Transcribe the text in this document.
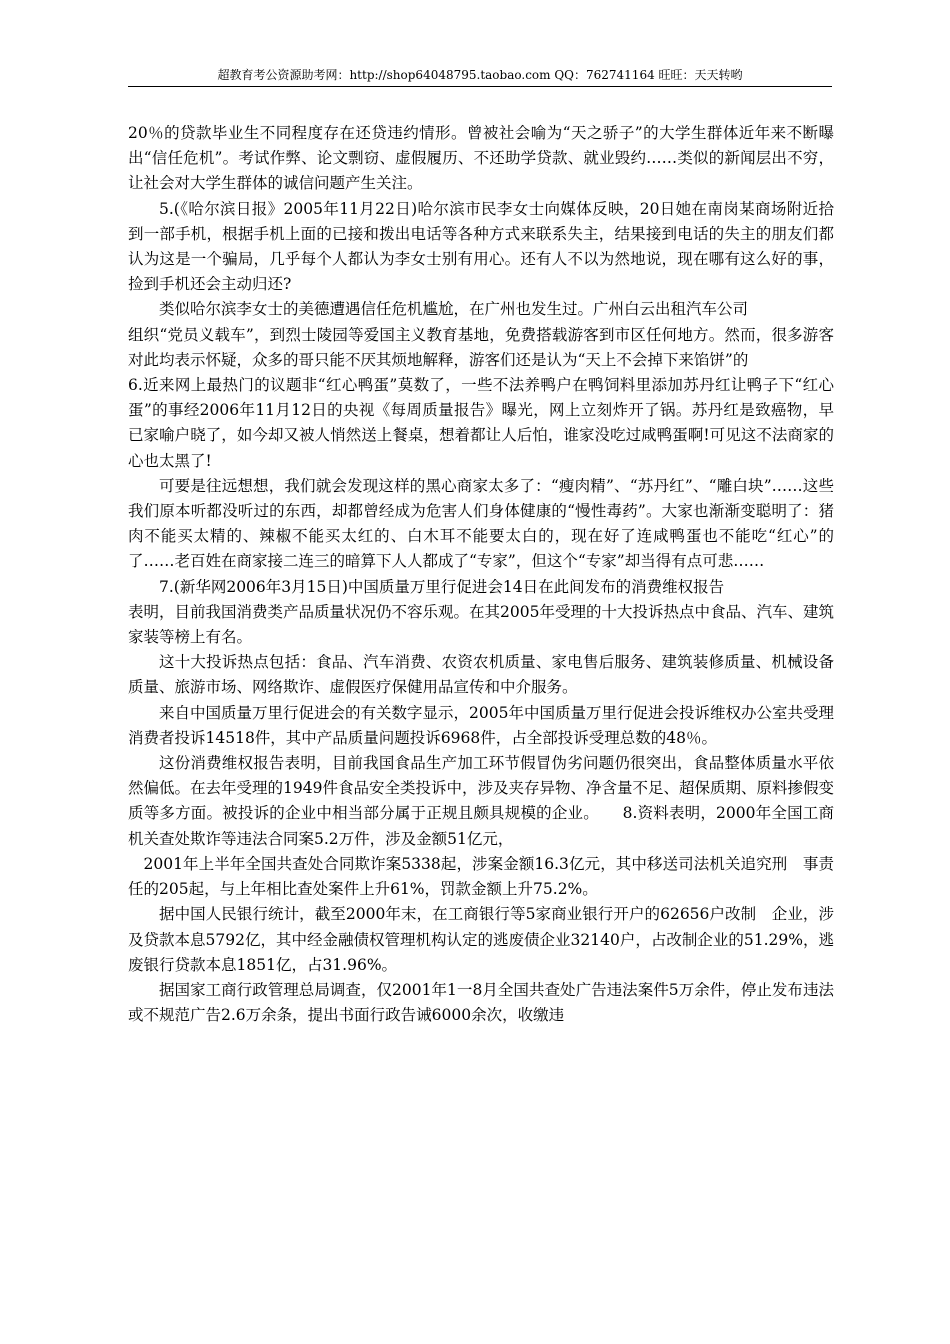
超教育考公资源助考网：http://shop64048795.taobao.com QQ：762741164 旺旺：天天转哟

20％的贷款毕业生不同程度存在还贷违约情形。曾被社会喻为“天之骄子”的大学生群体近年来不断曝出“信任危机”。考试作弊、论文剽窃、虚假履历、不还助学贷款、就业毁约……类似的新闻层出不穷，让社会对大学生群体的诚信问题产生关注。

5.(《哈尔滨日报》2005年11月22日)哈尔滨市民李女士向媒体反映，20日她在南岗某商场附近拾到一部手机，根据手机上面的已接和拨出电话等各种方式来联系失主，结果接到电话的失主的朋友们都认为这是一个骗局，几乎每个人都认为李女士别有用心。还有人不以为然地说，现在哪有这么好的事，捡到手机还会主动归还?

类似哈尔滨李女士的美德遭遇信任危机尴尬，在广州也发生过。广州白云出租汽车公司

组织“党员义载车”，到烈士陵园等爱国主义教育基地，免费搭载游客到市区任何地方。然而，很多游客对此均表示怀疑，众多的哥只能不厌其烦地解释，游客们还是认为“天上不会掉下来馅饼”的

6.近来网上最热门的议题非“红心鸭蛋”莫数了，一些不法养鸭户在鸭饲料里添加苏丹红让鸭子下“红心蛋”的事经2006年11月12日的央视《每周质量报告》曝光，网上立刻炸开了锅。苏丹红是致癌物，早已家喻户晓了，如今却又被人悄然送上餐桌，想着都让人后怕，谁家没吃过咸鸭蛋啊!可见这不法商家的心也太黑了!

可要是往远想想，我们就会发现这样的黑心商家太多了：“瘦肉精”、“苏丹红”、“雕白块”……这些我们原本听都没听过的东西，却都曾经成为危害人们身体健康的“慢性毒药”。大家也渐渐变聪明了：猪肉不能买太精的、辣椒不能买太红的、白木耳不能要太白的，现在好了连咸鸭蛋也不能吃“红心”的了……老百姓在商家接二连三的暗算下人人都成了“专家”，但这个“专家”却当得有点可悲……

7.(新华网2006年3月15日)中国质量万里行促进会14日在此间发布的消费维权报告

表明，目前我国消费类产品质量状况仍不容乐观。在其2005年受理的十大投诉热点中食品、汽车、建筑家装等榜上有名。

这十大投诉热点包括：食品、汽车消费、农资农机质量、家电售后服务、建筑装修质量、机械设备质量、旅游市场、网络欺诈、虚假医疗保健用品宣传和中介服务。

来自中国质量万里行促进会的有关数字显示，2005年中国质量万里行促进会投诉维权办公室共受理消费者投诉14518件，其中产品质量问题投诉6968件，占全部投诉受理总数的48％。

这份消费维权报告表明，目前我国食品生产加工环节假冒伪劣问题仍很突出，食品整体质量水平依然偏低。在去年受理的1949件食品安全类投诉中，涉及夹存异物、净含量不足、超保质期、原料掺假变质等多方面。被投诉的企业中相当部分属于正规且颇具规模的企业。　　8.资料表明，2000年全国工商机关查处欺诈等违法合同案5.2万件，涉及金额51亿元，

2001年上半年全国共查处合同欺诈案5338起，涉案金额16.3亿元，其中移送司法机关追究刑　事责任的205起，与上年相比查处案件上升61%，罚款金额上升75.2%。

据中国人民银行统计，截至2000年末，在工商银行等5家商业银行开户的62656户改制　企业，涉及贷款本息5792亿，其中经金融债权管理机构认定的逃废债企业32140户，占改制企业的51.29%，逃废银行贷款本息1851亿，占31.96%。

据国家工商行政管理总局调查，仅2001年1一8月全国共查处广告违法案件5万余件，停止发布违法或不规范广告2.6万余条，提出书面行政告诫6000余次，收缴违
